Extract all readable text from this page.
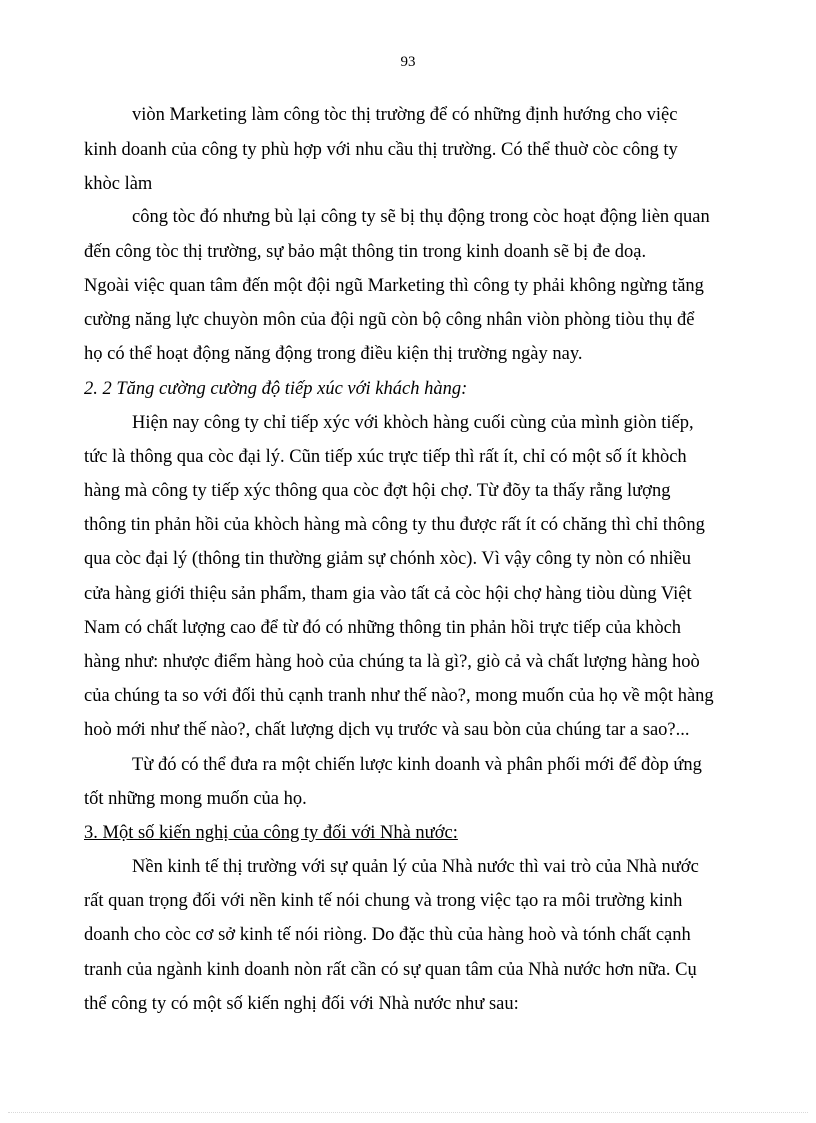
93
viòn Marketing làm công tòc thị trường để có những định hướng cho việc
kinh doanh của công ty phù hợp với nhu cầu thị trường. Có thể thuờ còc công ty
khòc làm
công tòc đó nhưng bù lại công ty sẽ bị thụ động trong còc hoạt động lièn quan
đến công tòc thị trường, sự bảo mật thông tin trong kinh doanh sẽ bị đe doạ.
Ngoài việc quan tâm đến một đội ngũ Marketing thì công ty phải không ngừng tăng
cường năng lực chuyòn môn của đội ngũ còn bộ công nhân viòn phòng tiòu thụ để
họ có thể hoạt động năng động trong điều kiện thị trường ngày nay.
2. 2 Tăng cường cường độ tiếp xúc với khách hàng:
Hiện nay công ty chỉ tiếp xýc với khòch hàng cuối cùng của mình giòn tiếp,
tức là thông qua còc đại lý. Cũn tiếp xúc trực tiếp thì rất ít, chỉ có một số ít khòch
hàng mà công ty tiếp xýc thông qua còc đợt hội chợ. Từ đõy ta thấy rằng lượng
thông tin phản hồi của khòch hàng mà công ty thu được rất ít có chăng thì chỉ thông
qua còc đại lý (thông tin thường giảm sự chónh xòc). Vì vậy công ty nòn có nhiều
cửa hàng giới thiệu sản phẩm, tham gia vào tất cả còc hội chợ hàng tiòu dùng Việt
Nam có chất lượng cao để từ đó có những thông tin phản hồi trực tiếp của khòch
hàng như: nhược điểm hàng hoò của chúng ta là gì?, giò cả và chất lượng hàng hoò
của chúng ta so với đối thủ cạnh tranh như thế nào?, mong muốn của họ về một hàng
hoò mới như thế nào?, chất lượng dịch vụ trước và sau bòn của chúng tar a sao?...
Từ đó có thể đưa ra một chiến lược kinh doanh và phân phối mới để đòp ứng
tốt những mong muốn của họ.
3. Một số kiến nghị của công ty đối với Nhà nước:
Nền kinh tế thị trường với sự quản lý của Nhà nước thì vai trò của Nhà nước
rất quan trọng đối với nền kinh tế nói chung và trong việc tạo ra môi trường kinh
doanh cho còc cơ sở kinh tế nói riòng. Do đặc thù của hàng hoò và tónh chất cạnh
tranh của ngành kinh doanh nòn rất cần có sự quan tâm của Nhà nước hơn nữa. Cụ
thể công ty có một số kiến nghị đối với Nhà nước như sau:
